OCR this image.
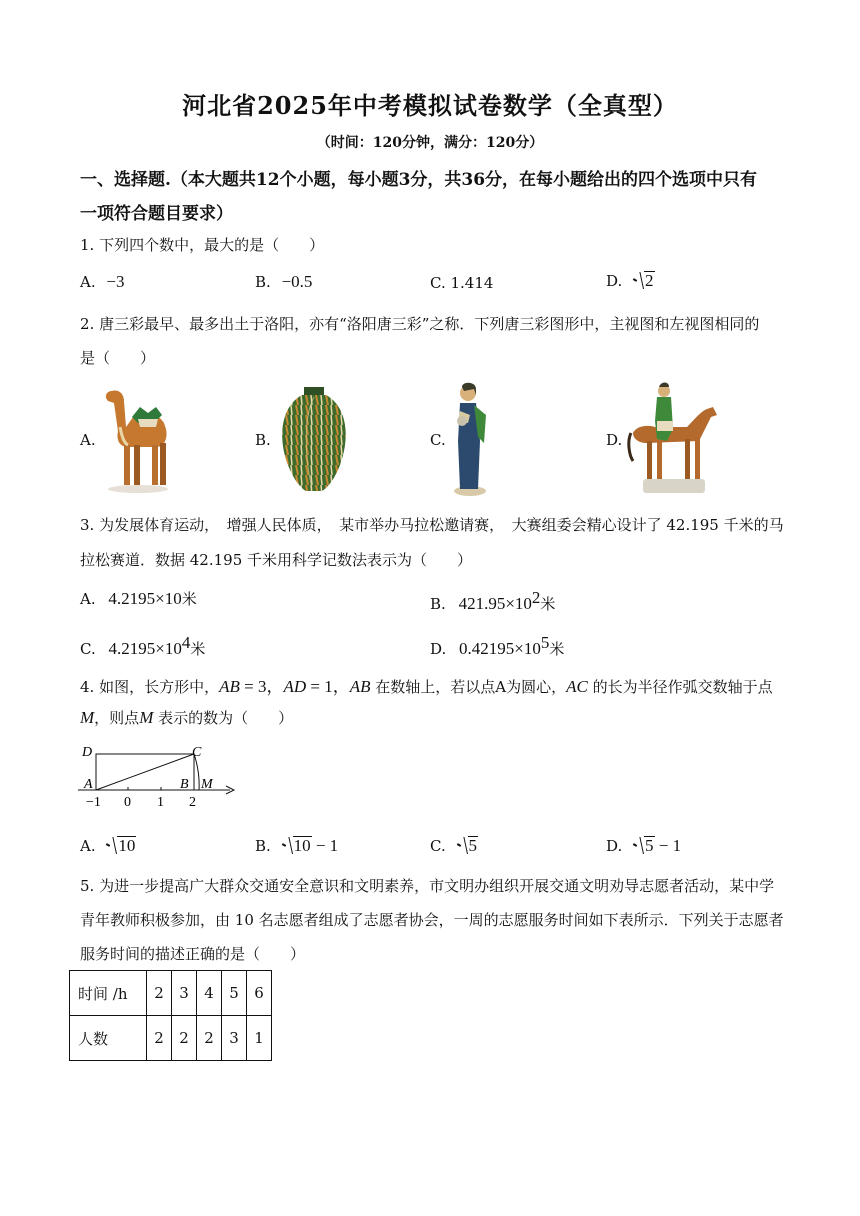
河北省2025年中考模拟试卷数学（全真型）
（时间：120分钟，满分：120分）
一、选择题.（本大题共12个小题，每小题3分，共36分，在每小题给出的四个选项中只有
一项符合题目要求）
1. 下列四个数中，最大的是（　　）
A. −3	B. −0.5	C. 1.414	D. 2
2. 唐三彩最早、最多出土于洛阳，亦有“洛阳唐三彩”之称．下列唐三彩图形中，主视图和左视图相同的
是（　　）
A.	B.	C.	D.
3. 为发展体育运动，　增强人民体质，　某市举办马拉松邀请赛，　大赛组委会精心设计了 42.195 千米的马
拉松赛道．数据 42.195 千米用科学记数法表示为（　　）
A. 4.2195×10米	B. $421.95\times 10^2$米
C. $4.2195\times 10^4$米	D. $0.42195\times 10^5$米
4. 如图，长方形中，AB = 3，AD = 1，AB 在数轴上，若以点A为圆心，AC 的长为半径作弧交数轴于点
M，则点M 表示的数为（　　）
D	C
A	B M
−1 0 1 2
A. 10	B. 10 − 1	C. 5	D. 5 − 1
5. 为进一步提高广大群众交通安全意识和文明素养，市文明办组织开展交通文明劝导志愿者活动，某中学
青年教师积极参加，由 10 名志愿者组成了志愿者协会，一周的志愿服务时间如下表所示．下列关于志愿者
服务时间的描述正确的是（　　）
时间 /h	2	3	4	5	6
人数	2	2	2	3	1
